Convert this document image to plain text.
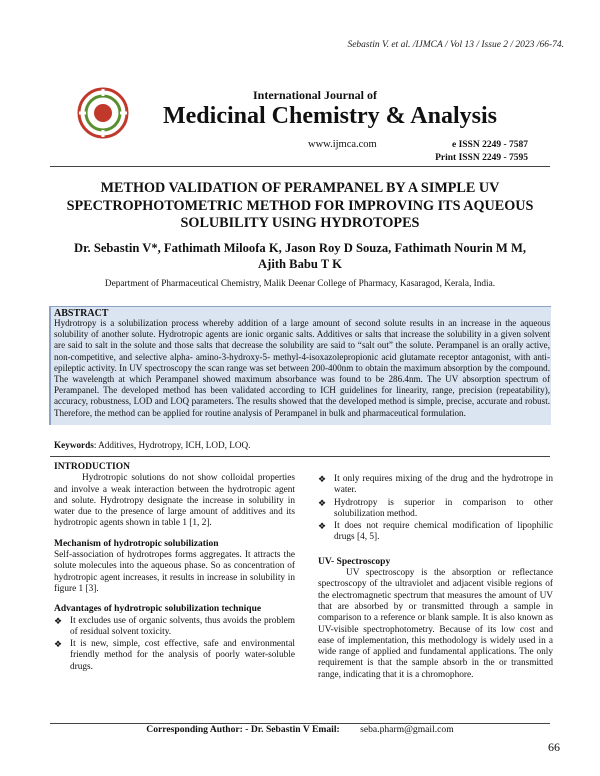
Sebastin V. et al. /IJMCA / Vol 13 / Issue 2 / 2023 /66-74.
International Journal of
Medicinal Chemistry & Analysis
www.ijmca.com	e ISSN 2249 - 7587
Print ISSN 2249 - 7595
METHOD VALIDATION OF PERAMPANEL BY A SIMPLE UV SPECTROPHOTOMETRIC METHOD FOR IMPROVING ITS AQUEOUS SOLUBILITY USING HYDROTOPES
Dr. Sebastin V*, Fathimath Miloofa K, Jason Roy D Souza, Fathimath Nourin M M, Ajith Babu T K
Department of Pharmaceutical Chemistry, Malik Deenar College of Pharmacy, Kasaragod, Kerala, India.
ABSTRACT
Hydrotropy is a solubilization process whereby addition of a large amount of second solute results in an increase in the aqueous solubility of another solute. Hydrotropic agents are ionic organic salts. Additives or salts that increase the solubility in a given solvent are said to salt in the solute and those salts that decrease the solubility are said to “salt out” the solute. Perampanel is an orally active, non-competitive, and selective alpha- amino-3-hydroxy-5- methyl-4-isoxazolepropionic acid glutamate receptor antagonist, with anti-epileptic activity. In UV spectroscopy the scan range was set between 200-400nm to obtain the maximum absorption by the compound. The wavelength at which Perampanel showed maximum absorbance was found to be 286.4nm. The UV absorption spectrum of Perampanel. The developed method has been validated according to ICH guidelines for linearity, range, precision (repeatability), accuracy, robustness, LOD and LOQ parameters. The results showed that the developed method is simple, precise, accurate and robust. Therefore, the method can be applied for routine analysis of Perampanel in bulk and pharmaceutical formulation.
Keywords: Additives, Hydrotropy, ICH, LOD, LOQ.
INTRODUCTION
Hydrotropic solutions do not show colloidal properties and involve a weak interaction between the hydrotropic agent and solute. Hydrotropy designate the increase in solubility in water due to the presence of large amount of additives and its hydrotropic agents shown in table 1 [1, 2].
Mechanism of hydrotropic solubilization
Self-association of hydrotropes forms aggregates. It attracts the solute molecules into the aqueous phase. So as concentration of hydrotropic agent increases, it results in increase in solubility in figure 1 [3].
Advantages of hydrotropic solubilization technique
❖ It excludes use of organic solvents, thus avoids the problem of residual solvent toxicity.
❖ It is new, simple, cost effective, safe and environmental friendly method for the analysis of poorly water-soluble drugs.
❖ It only requires mixing of the drug and the hydrotrope in water.
❖ Hydrotropy is superior in comparison to other solubilization method.
❖ It does not require chemical modification of lipophilic drugs [4, 5].
UV- Spectroscopy
UV spectroscopy is the absorption or reflectance spectroscopy of the ultraviolet and adjacent visible regions of the electromagnetic spectrum that measures the amount of UV that are absorbed by or transmitted through a sample in comparison to a reference or blank sample. It is also known as UV-visible spectrophotometry. Because of its low cost and ease of implementation, this methodology is widely used in a wide range of applied and fundamental applications. The only requirement is that the sample absorb in the or transmitted range, indicating that it is a chromophore.
Corresponding Author: - Dr. Sebastin V Email: seba.pharm@gmail.com
66
